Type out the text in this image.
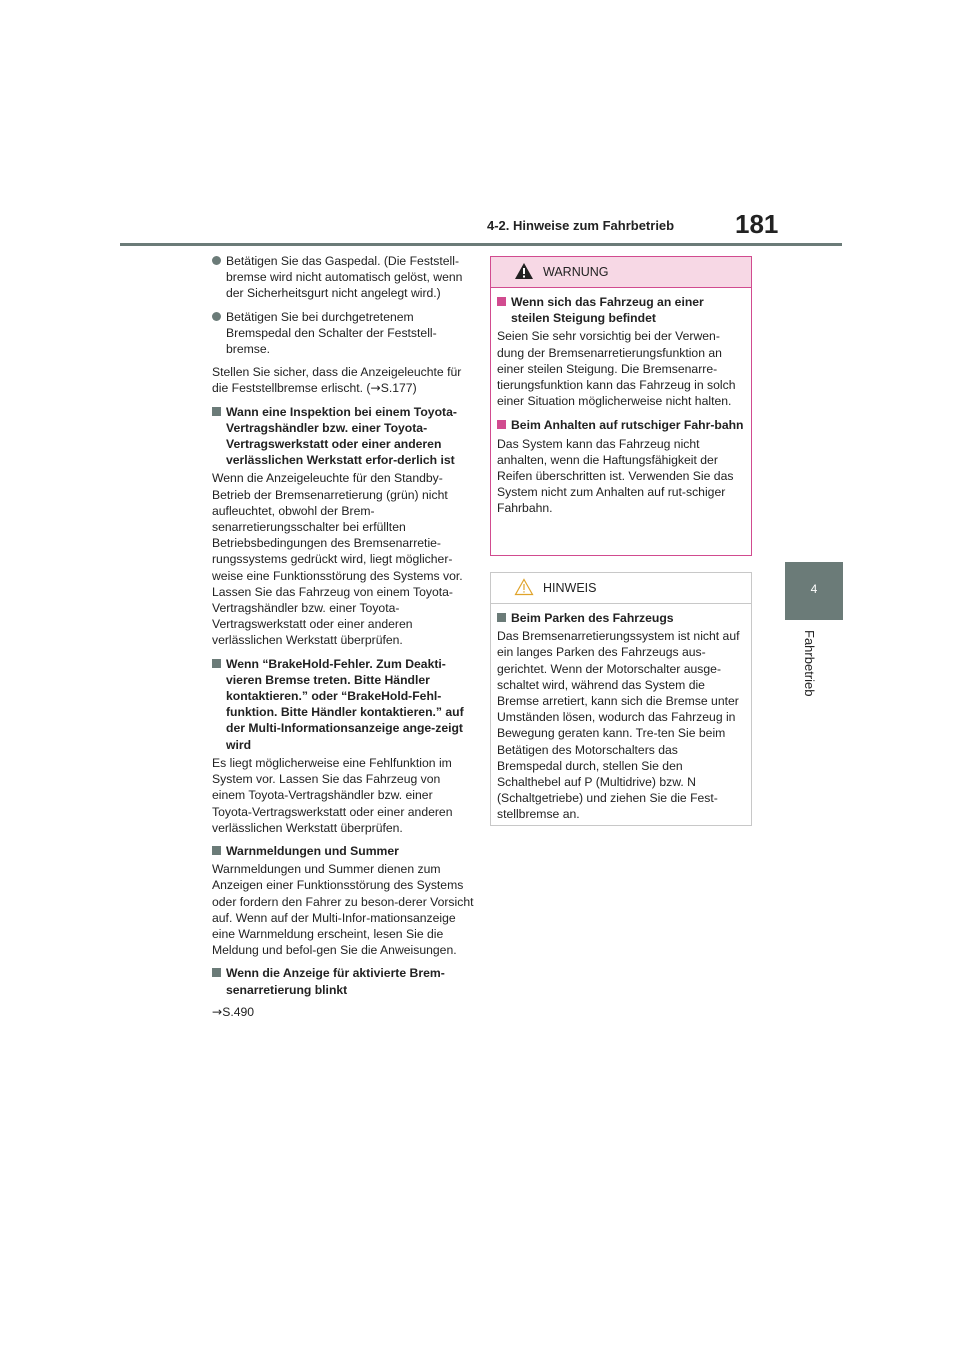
4-2. Hinweise zum Fahrbetrieb 181
4
Fahrbetrieb
Betätigen Sie das Gaspedal. (Die Feststell-bremse wird nicht automatisch gelöst, wenn der Sicherheitsgurt nicht angelegt wird.)
Betätigen Sie bei durchgetretenem Bremspedal den Schalter der Feststell-bremse.

Stellen Sie sicher, dass die Anzeigeleuchte für die Feststellbremse erlischt. (→S.177)

Wann eine Inspektion bei einem Toyota-Vertragshändler bzw. einer Toyota-Vertragswerkstatt oder einer anderen verlässlichen Werkstatt erfor-derlich ist

Wenn die Anzeigeleuchte für den Standby-Betrieb der Bremsenarretierung (grün) nicht aufleuchtet, obwohl der Brem-senarretierungsschalter bei erfüllten Betriebsbedingungen des Bremsenarretie-rungssystems gedrückt wird, liegt möglicher-weise eine Funktionsstörung des Systems vor. Lassen Sie das Fahrzeug von einem Toyota-Vertragshändler bzw. einer Toyota-Vertragswerkstatt oder einer anderen verlässlichen Werkstatt überprüfen.

Wenn “BrakeHold-Fehler. Zum Deakti-vieren Bremse treten. Bitte Händler kontaktieren.” oder “BrakeHold-Fehl-funktion. Bitte Händler kontaktieren.” auf der Multi-Informationsanzeige ange-zeigt wird

Es liegt möglicherweise eine Fehlfunktion im System vor. Lassen Sie das Fahrzeug von einem Toyota-Vertragshändler bzw. einer Toyota-Vertragswerkstatt oder einer anderen verlässlichen Werkstatt überprüfen.

Warnmeldungen und Summer

Warnmeldungen und Summer dienen zum Anzeigen einer Funktionsstörung des Systems oder fordern den Fahrer zu beson-derer Vorsicht auf. Wenn auf der Multi-Infor-mationsanzeige eine Warnmeldung erscheint, lesen Sie die Meldung und befol-gen Sie die Anweisungen.

Wenn die Anzeige für aktivierte Brem-senarretierung blinkt

→S.490

WARNUNG
Wenn sich das Fahrzeug an einer steilen Steigung befindet

Seien Sie sehr vorsichtig bei der Verwen-dung der Bremsenarretierungsfunktion an einer steilen Steigung. Die Bremsenarre-tierungsfunktion kann das Fahrzeug in solch einer Situation möglicherweise nicht halten.

Beim Anhalten auf rutschiger Fahr-bahn

Das System kann das Fahrzeug nicht anhalten, wenn die Haftungsfähigkeit der Reifen überschritten ist. Verwenden Sie das System nicht zum Anhalten auf rut-schiger Fahrbahn.

HINWEIS
Beim Parken des Fahrzeugs

Das Bremsenarretierungssystem ist nicht auf ein langes Parken des Fahrzeugs aus-gerichtet. Wenn der Motorschalter ausge-schaltet wird, während das System die Bremse arretiert, kann sich die Bremse unter Umständen lösen, wodurch das Fahrzeug in Bewegung geraten kann. Tre-ten Sie beim Betätigen des Motorschalters das Bremspedal durch, stellen Sie den Schalthebel auf P (Multidrive) bzw. N (Schaltgetriebe) und ziehen Sie die Fest-stellbremse an.
